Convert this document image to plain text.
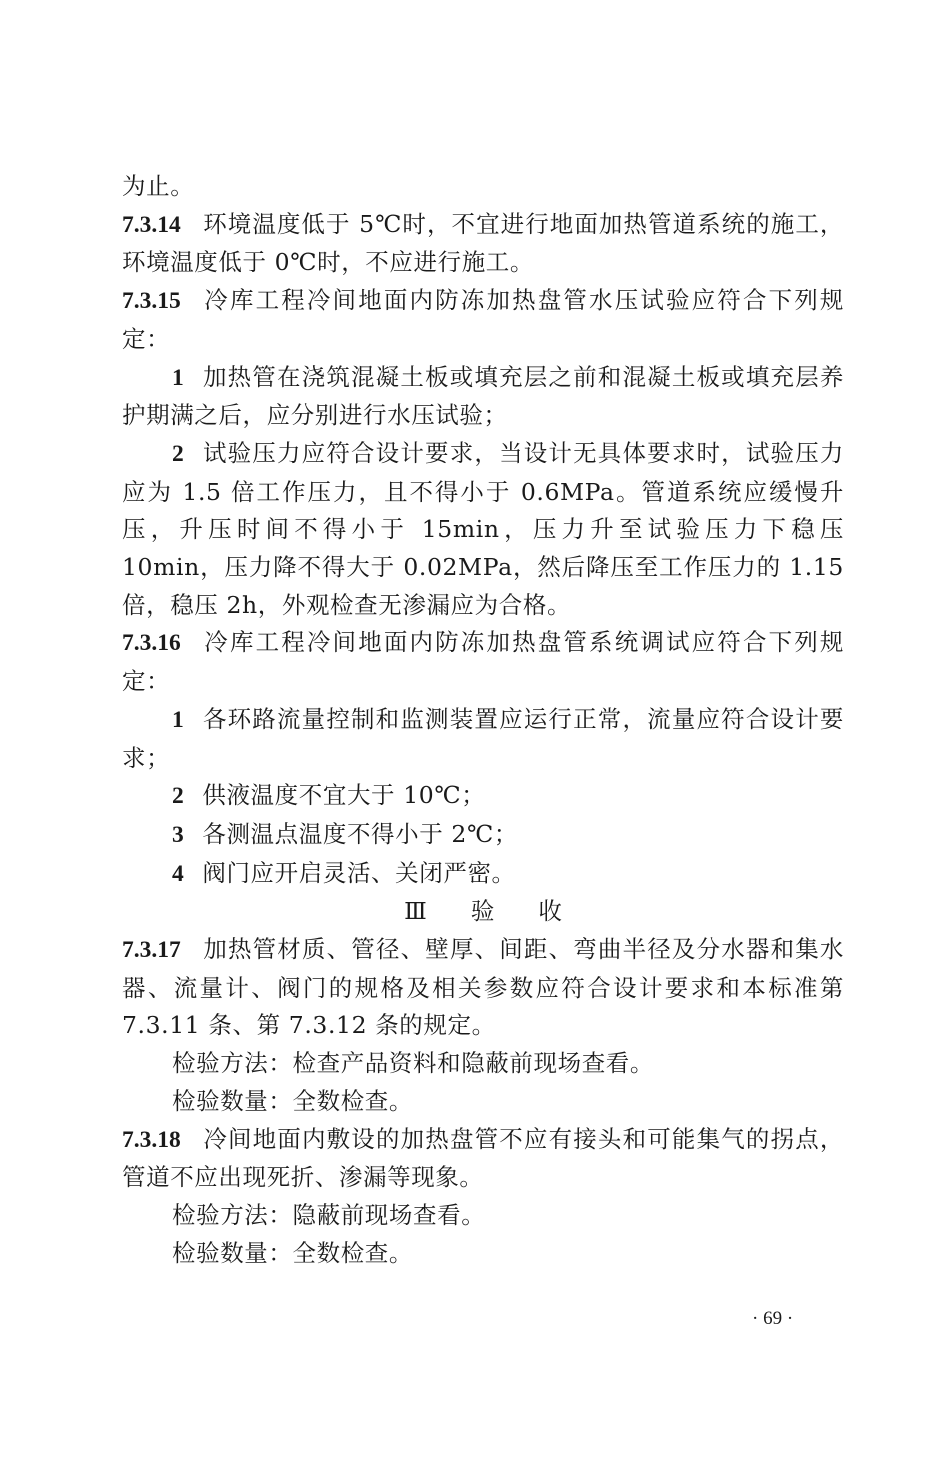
为止。

7.3.14 环境温度低于 5℃时，不宜进行地面加热管道系统的施工，环境温度低于 0℃时，不应进行施工。

7.3.15 冷库工程冷间地面内防冻加热盘管水压试验应符合下列规定：

1 加热管在浇筑混凝土板或填充层之前和混凝土板或填充层养护期满之后，应分别进行水压试验；

2 试验压力应符合设计要求，当设计无具体要求时，试验压力应为 1.5 倍工作压力，且不得小于 0.6MPa。管道系统应缓慢升压，升压时间不得小于 15min，压力升至试验压力下稳压 10min，压力降不得大于 0.02MPa，然后降压至工作压力的 1.15 倍，稳压 2h，外观检查无渗漏应为合格。

7.3.16 冷库工程冷间地面内防冻加热盘管系统调试应符合下列规定：

1 各环路流量控制和监测装置应运行正常，流量应符合设计要求；

2 供液温度不宜大于 10℃；

3 各测温点温度不得小于 2℃；

4 阀门应开启灵活、关闭严密。

Ⅲ 验 收

7.3.17 加热管材质、管径、壁厚、间距、弯曲半径及分水器和集水器、流量计、阀门的规格及相关参数应符合设计要求和本标准第 7.3.11 条、第 7.3.12 条的规定。

检验方法：检查产品资料和隐蔽前现场查看。

检验数量：全数检查。

7.3.18 冷间地面内敷设的加热盘管不应有接头和可能集气的拐点，管道不应出现死折、渗漏等现象。

检验方法：隐蔽前现场查看。

检验数量：全数检查。

· 69 ·
